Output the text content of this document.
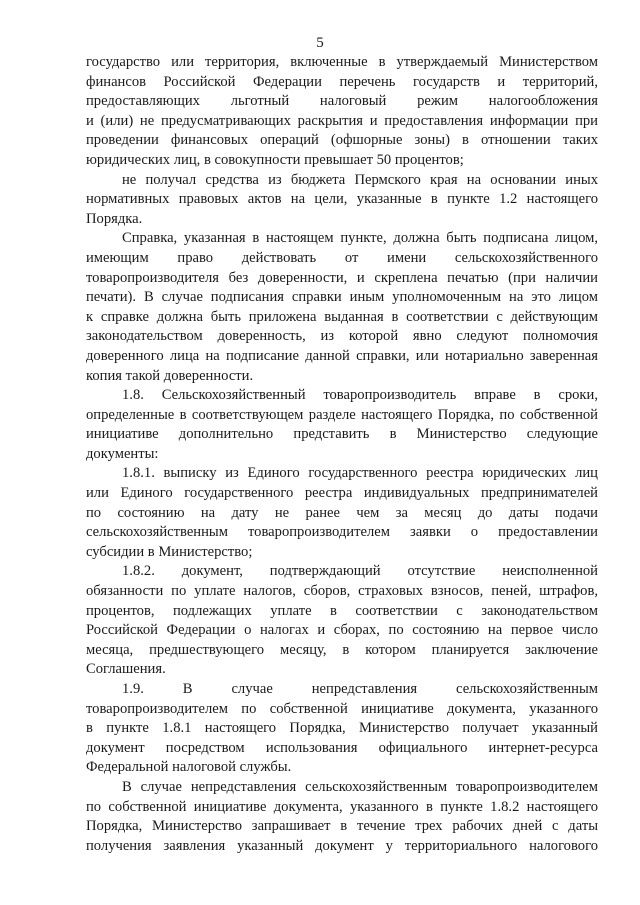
5
государство или территория, включенные в утверждаемый Министерством
финансов Российской Федерации перечень государств и территорий,
предоставляющих льготный налоговый режим налогообложения
и (или) не предусматривающих раскрытия и предоставления информации при
проведении финансовых операций (офшорные зоны) в отношении таких
юридических лиц, в совокупности превышает 50 процентов;
не получал средства из бюджета Пермского края на основании иных
нормативных правовых актов на цели, указанные в пункте 1.2 настоящего
Порядка.
Справка, указанная в настоящем пункте, должна быть подписана лицом,
имеющим право действовать от имени сельскохозяйственного
товаропроизводителя без доверенности, и скреплена печатью (при наличии
печати). В случае подписания справки иным уполномоченным на это лицом
к справке должна быть приложена выданная в соответствии с действующим
законодательством доверенность, из которой явно следуют полномочия
доверенного лица на подписание данной справки, или нотариально заверенная
копия такой доверенности.
1.8. Сельскохозяйственный товаропроизводитель вправе в сроки,
определенные в соответствующем разделе настоящего Порядка, по собственной
инициативе дополнительно представить в Министерство следующие
документы:
1.8.1. выписку из Единого государственного реестра юридических лиц
или Единого государственного реестра индивидуальных предпринимателей
по состоянию на дату не ранее чем за месяц до даты подачи
сельскохозяйственным товаропроизводителем заявки о предоставлении
субсидии в Министерство;
1.8.2. документ, подтверждающий отсутствие неисполненной
обязанности по уплате налогов, сборов, страховых взносов, пеней, штрафов,
процентов, подлежащих уплате в соответствии с законодательством
Российской Федерации о налогах и сборах, по состоянию на первое число
месяца, предшествующего месяцу, в котором планируется заключение
Соглашения.
1.9. В случае непредставления сельскохозяйственным
товаропроизводителем по собственной инициативе документа, указанного
в пункте 1.8.1 настоящего Порядка, Министерство получает указанный
документ посредством использования официального интернет-ресурса
Федеральной налоговой службы.
В случае непредставления сельскохозяйственным товаропроизводителем
по собственной инициативе документа, указанного в пункте 1.8.2 настоящего
Порядка, Министерство запрашивает в течение трех рабочих дней с даты
получения заявления указанный документ у территориального налогового
